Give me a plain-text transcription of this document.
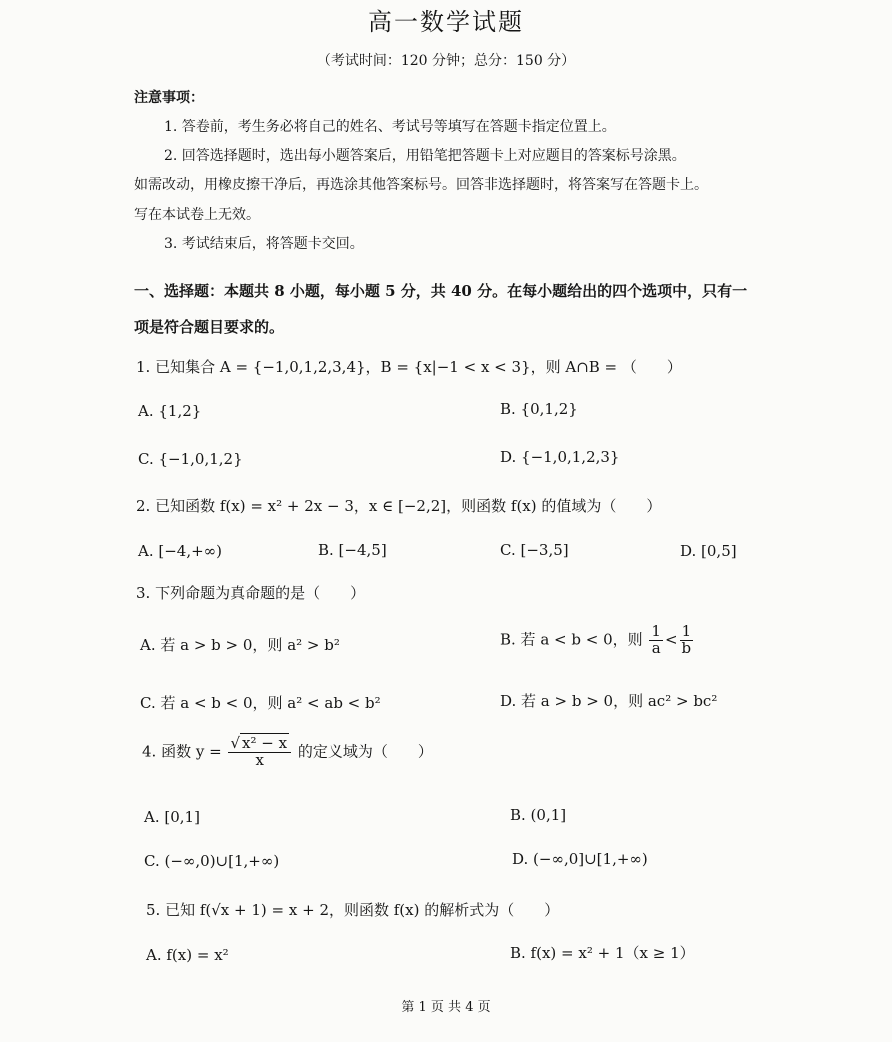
高一数学试题
（考试时间：120 分钟；总分：150 分）
注意事项：
1. 答卷前，考生务必将自己的姓名、考试号等填写在答题卡指定位置上。
2. 回答选择题时，选出每小题答案后，用铅笔把答题卡上对应题目的答案标号涂黑。
如需改动，用橡皮擦干净后，再选涂其他答案标号。回答非选择题时，将答案写在答题卡上。
写在本试卷上无效。
3. 考试结束后，将答题卡交回。
一、选择题：本题共 8 小题，每小题 5 分，共 40 分。在每小题给出的四个选项中，只有一
项是符合题目要求的。
1. 已知集合 A = {−1,0,1,2,3,4}，B = {x|−1 < x < 3}，则 A∩B = （　　）
A. {1,2}	B. {0,1,2}
C. {−1,0,1,2}	D. {−1,0,1,2,3}
2. 已知函数 f(x) = x² + 2x − 3，x ∈ [−2,2]，则函数 f(x) 的值域为（　　）
A. [−4,+∞)	B. [−4,5]	C. [−3,5]	D. [0,5]
3. 下列命题为真命题的是（　　）
A. 若 a > b > 0，则 a² > b²	B. 若 a < b < 0，则 $\frac{1}{a} < \frac{1}{b}$
C. 若 a < b < 0，则 a² < ab < b²	D. 若 a > b > 0，则 ac² > bc²
4. 函数 $y = \frac{\text{√ x² − x}}{x}$ 的定义域为（　　）
A. [0,1]	B. (0,1]
C. (−∞,0)∪[1,+∞)	D. (−∞,0]∪[1,+∞)
5. 已知 f(√x + 1) = x + 2，则函数 f(x) 的解析式为（　　）
A. f(x) = x²	B. f(x) = x² + 1（x ≥ 1）
第 1 页 共 4 页
